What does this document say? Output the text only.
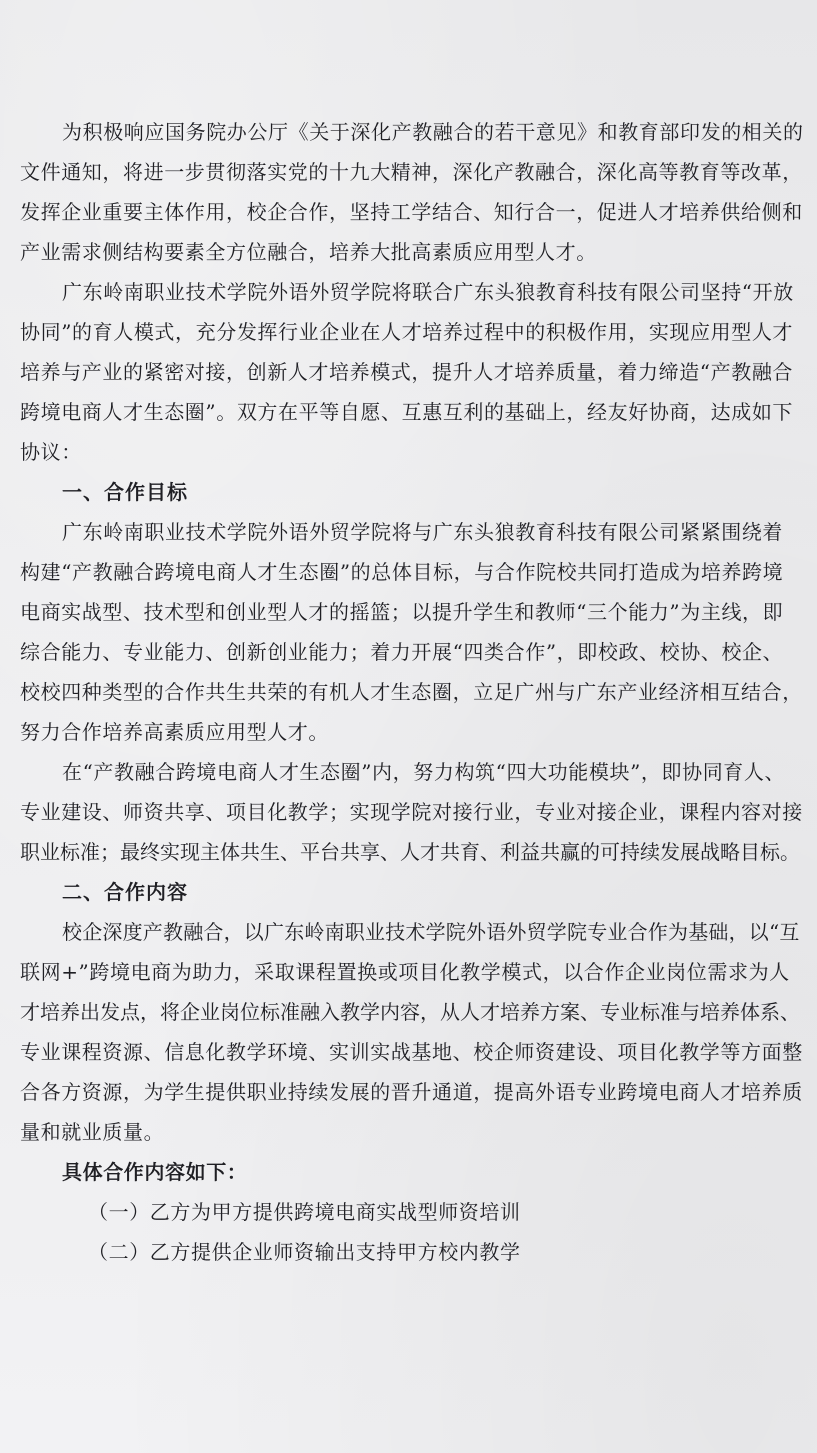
为积极响应国务院办公厅《关于深化产教融合的若干意见》和教育部印发的相关的
文件通知，将进一步贯彻落实党的十九大精神，深化产教融合，深化高等教育等改革，
发挥企业重要主体作用，校企合作，坚持工学结合、知行合一，促进人才培养供给侧和
产业需求侧结构要素全方位融合，培养大批高素质应用型人才。
广东岭南职业技术学院外语外贸学院将联合广东头狼教育科技有限公司坚持“开放
协同”的育人模式，充分发挥行业企业在人才培养过程中的积极作用，实现应用型人才
培养与产业的紧密对接，创新人才培养模式，提升人才培养质量，着力缔造“产教融合
跨境电商人才生态圈”。双方在平等自愿、互惠互利的基础上，经友好协商，达成如下
协议：
一、合作目标
广东岭南职业技术学院外语外贸学院将与广东头狼教育科技有限公司紧紧围绕着
构建“产教融合跨境电商人才生态圈”的总体目标，与合作院校共同打造成为培养跨境
电商实战型、技术型和创业型人才的摇篮；以提升学生和教师“三个能力”为主线，即
综合能力、专业能力、创新创业能力；着力开展“四类合作”，即校政、校协、校企、
校校四种类型的合作共生共荣的有机人才生态圈，立足广州与广东产业经济相互结合，
努力合作培养高素质应用型人才。
在“产教融合跨境电商人才生态圈”内，努力构筑“四大功能模块”，即协同育人、
专业建设、师资共享、项目化教学；实现学院对接行业，专业对接企业，课程内容对接
职业标准；最终实现主体共生、平台共享、人才共育、利益共赢的可持续发展战略目标。
二、合作内容
校企深度产教融合，以广东岭南职业技术学院外语外贸学院专业合作为基础，以“互
联网+”跨境电商为助力，采取课程置换或项目化教学模式，以合作企业岗位需求为人
才培养出发点，将企业岗位标准融入教学内容，从人才培养方案、专业标准与培养体系、
专业课程资源、信息化教学环境、实训实战基地、校企师资建设、项目化教学等方面整
合各方资源，为学生提供职业持续发展的晋升通道，提高外语专业跨境电商人才培养质
量和就业质量。
具体合作内容如下：
（一）乙方为甲方提供跨境电商实战型师资培训
（二）乙方提供企业师资输出支持甲方校内教学
